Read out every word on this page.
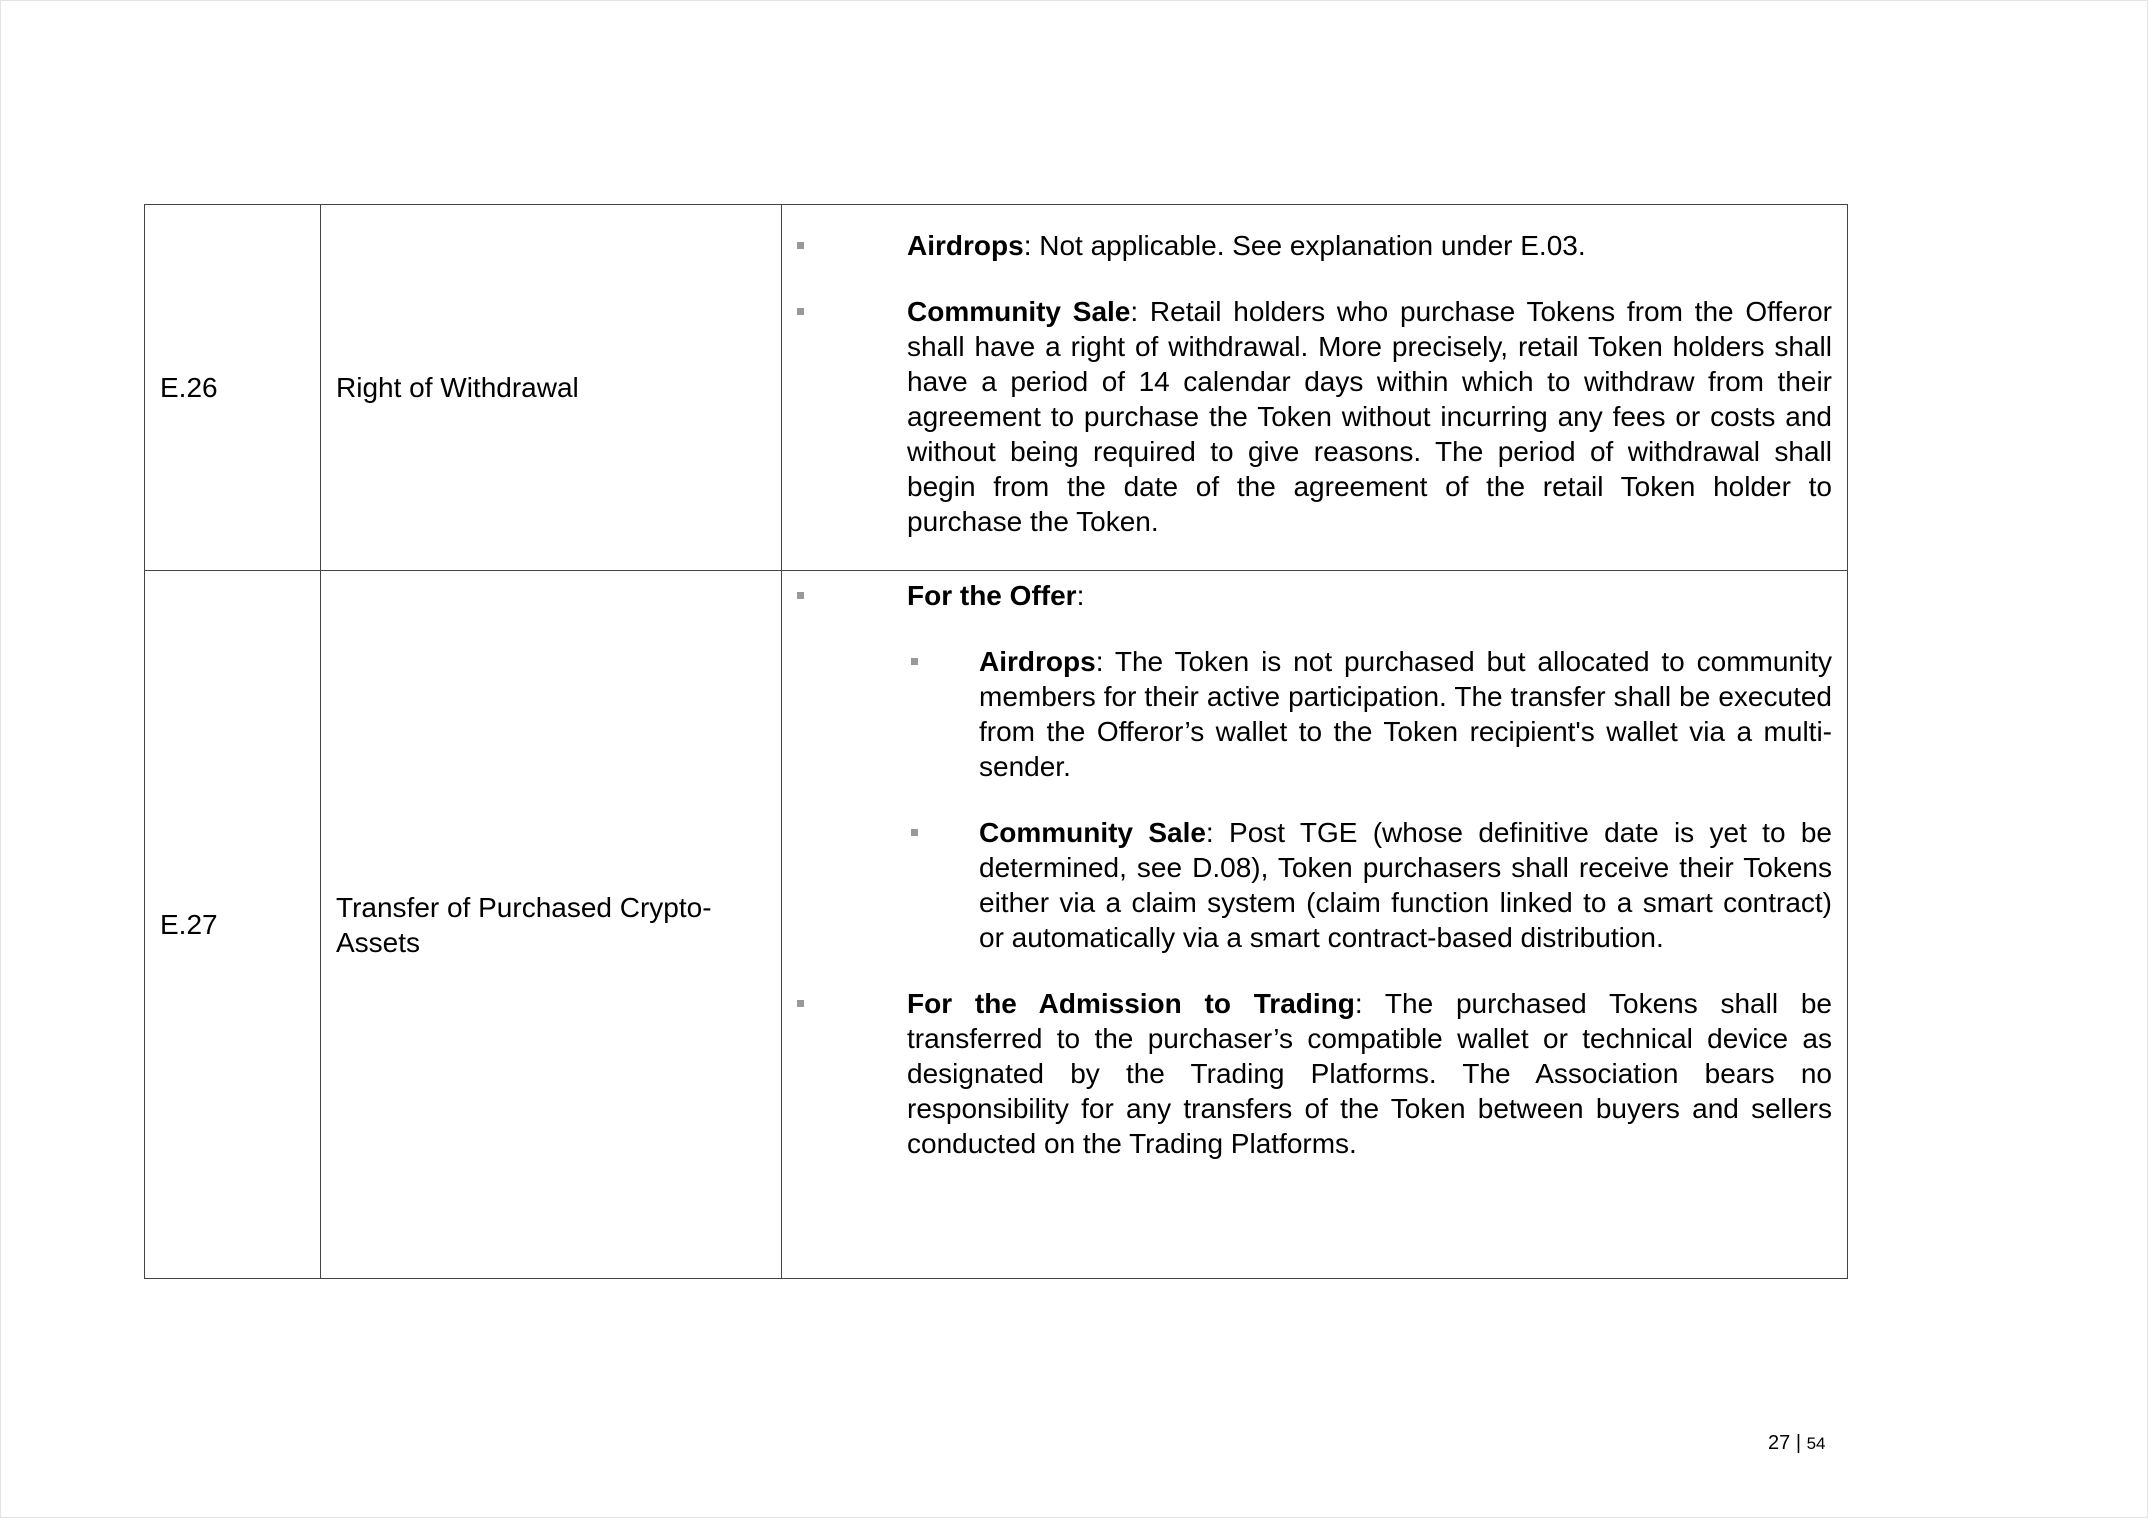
E.26	Right of Withdrawal	Airdrops: Not applicable. See explanation under E.03.

Community Sale: Retail holders who purchase Tokens from the Offeror shall have a right of withdrawal. More precisely, retail Token holders shall have a period of 14 calendar days within which to withdraw from their agreement to purchase the Token without incurring any fees or costs and without being required to give reasons. The period of withdrawal shall begin from the date of the agreement of the retail Token holder to purchase the Token.

E.27	Transfer of Purchased Crypto-Assets	For the Offer:
Airdrops: The Token is not purchased but allocated to community members for their active participation. The transfer shall be executed from the Offeror’s wallet to the Token recipient's wallet via a multi-sender.
Community Sale: Post TGE (whose definitive date is yet to be determined, see D.08), Token purchasers shall receive their Tokens either via a claim system (claim function linked to a smart contract) or automatically via a smart contract-based distribution.

For the Admission to Trading: The purchased Tokens shall be transferred to the purchaser’s compatible wallet or technical device as designated by the Trading Platforms. The Association bears no responsibility for any transfers of the Token between buyers and sellers conducted on the Trading Platforms.

27 | 54
